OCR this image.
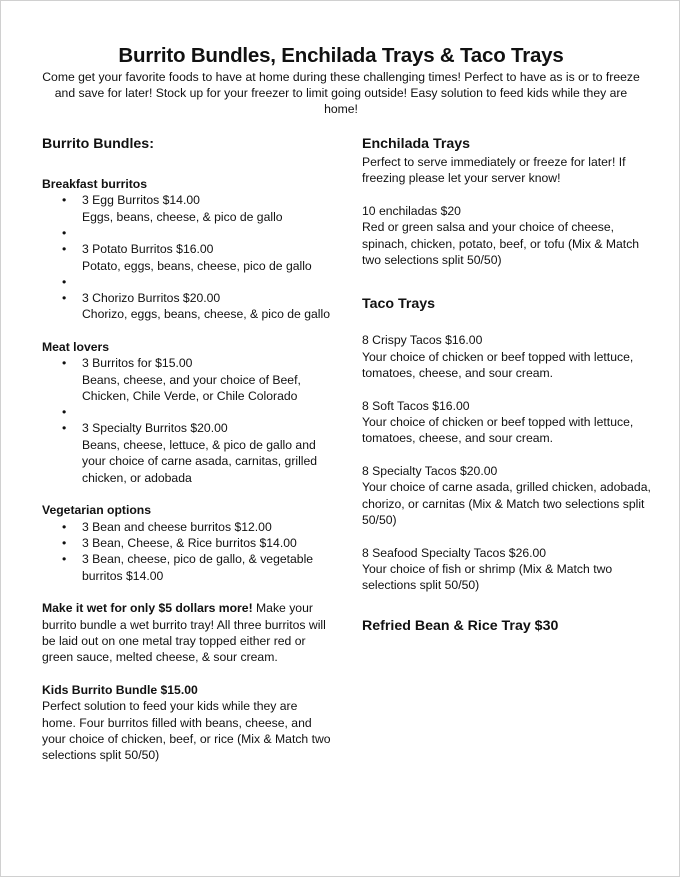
Burrito Bundles, Enchilada Trays & Taco Trays
Come get your favorite foods to have at home during these challenging times! Perfect to have as is or to freeze and save for later! Stock up for your freezer to limit going outside! Easy solution to feed kids while they are home!

Burrito Bundles:

Breakfast burritos

• 3 Egg Burritos $14.00
Eggs, beans, cheese, & pico de gallo
•
• 3 Potato Burritos $16.00
Potato, eggs, beans, cheese, pico de gallo
•
• 3 Chorizo Burritos $20.00
Chorizo, eggs, beans, cheese, & pico de gallo

Meat lovers

• 3 Burritos for $15.00
Beans, cheese, and your choice of Beef, Chicken, Chile Verde, or Chile Colorado
•
• 3 Specialty Burritos $20.00
Beans, cheese, lettuce, & pico de gallo and your choice of carne asada, carnitas, grilled chicken, or adobada

Vegetarian options

• 3 Bean and cheese burritos $12.00
• 3 Bean, Cheese, & Rice burritos $14.00
• 3 Bean, cheese, pico de gallo, & vegetable burritos $14.00

Make it wet for only $5 dollars more! Make your burrito bundle a wet burrito tray! All three burritos will be laid out on one metal tray topped either red or green sauce, melted cheese, & sour cream.

Kids Burrito Bundle $15.00

Perfect solution to feed your kids while they are home. Four burritos filled with beans, cheese, and your choice of chicken, beef, or rice (Mix & Match two selections split 50/50)

Enchilada Trays

Perfect to serve immediately or freeze for later! If freezing please let your server know!

10 enchiladas $20

Red or green salsa and your choice of cheese, spinach, chicken, potato, beef, or tofu (Mix & Match two selections split 50/50)

Taco Trays

8 Crispy Tacos $16.00

Your choice of chicken or beef topped with lettuce, tomatoes, cheese, and sour cream.

8 Soft Tacos $16.00

Your choice of chicken or beef topped with lettuce, tomatoes, cheese, and sour cream.

8 Specialty Tacos $20.00

Your choice of carne asada, grilled chicken, adobada, chorizo, or carnitas (Mix & Match two selections split 50/50)

8 Seafood Specialty Tacos $26.00

Your choice of fish or shrimp (Mix & Match two selections split 50/50)

Refried Bean & Rice Tray $30
